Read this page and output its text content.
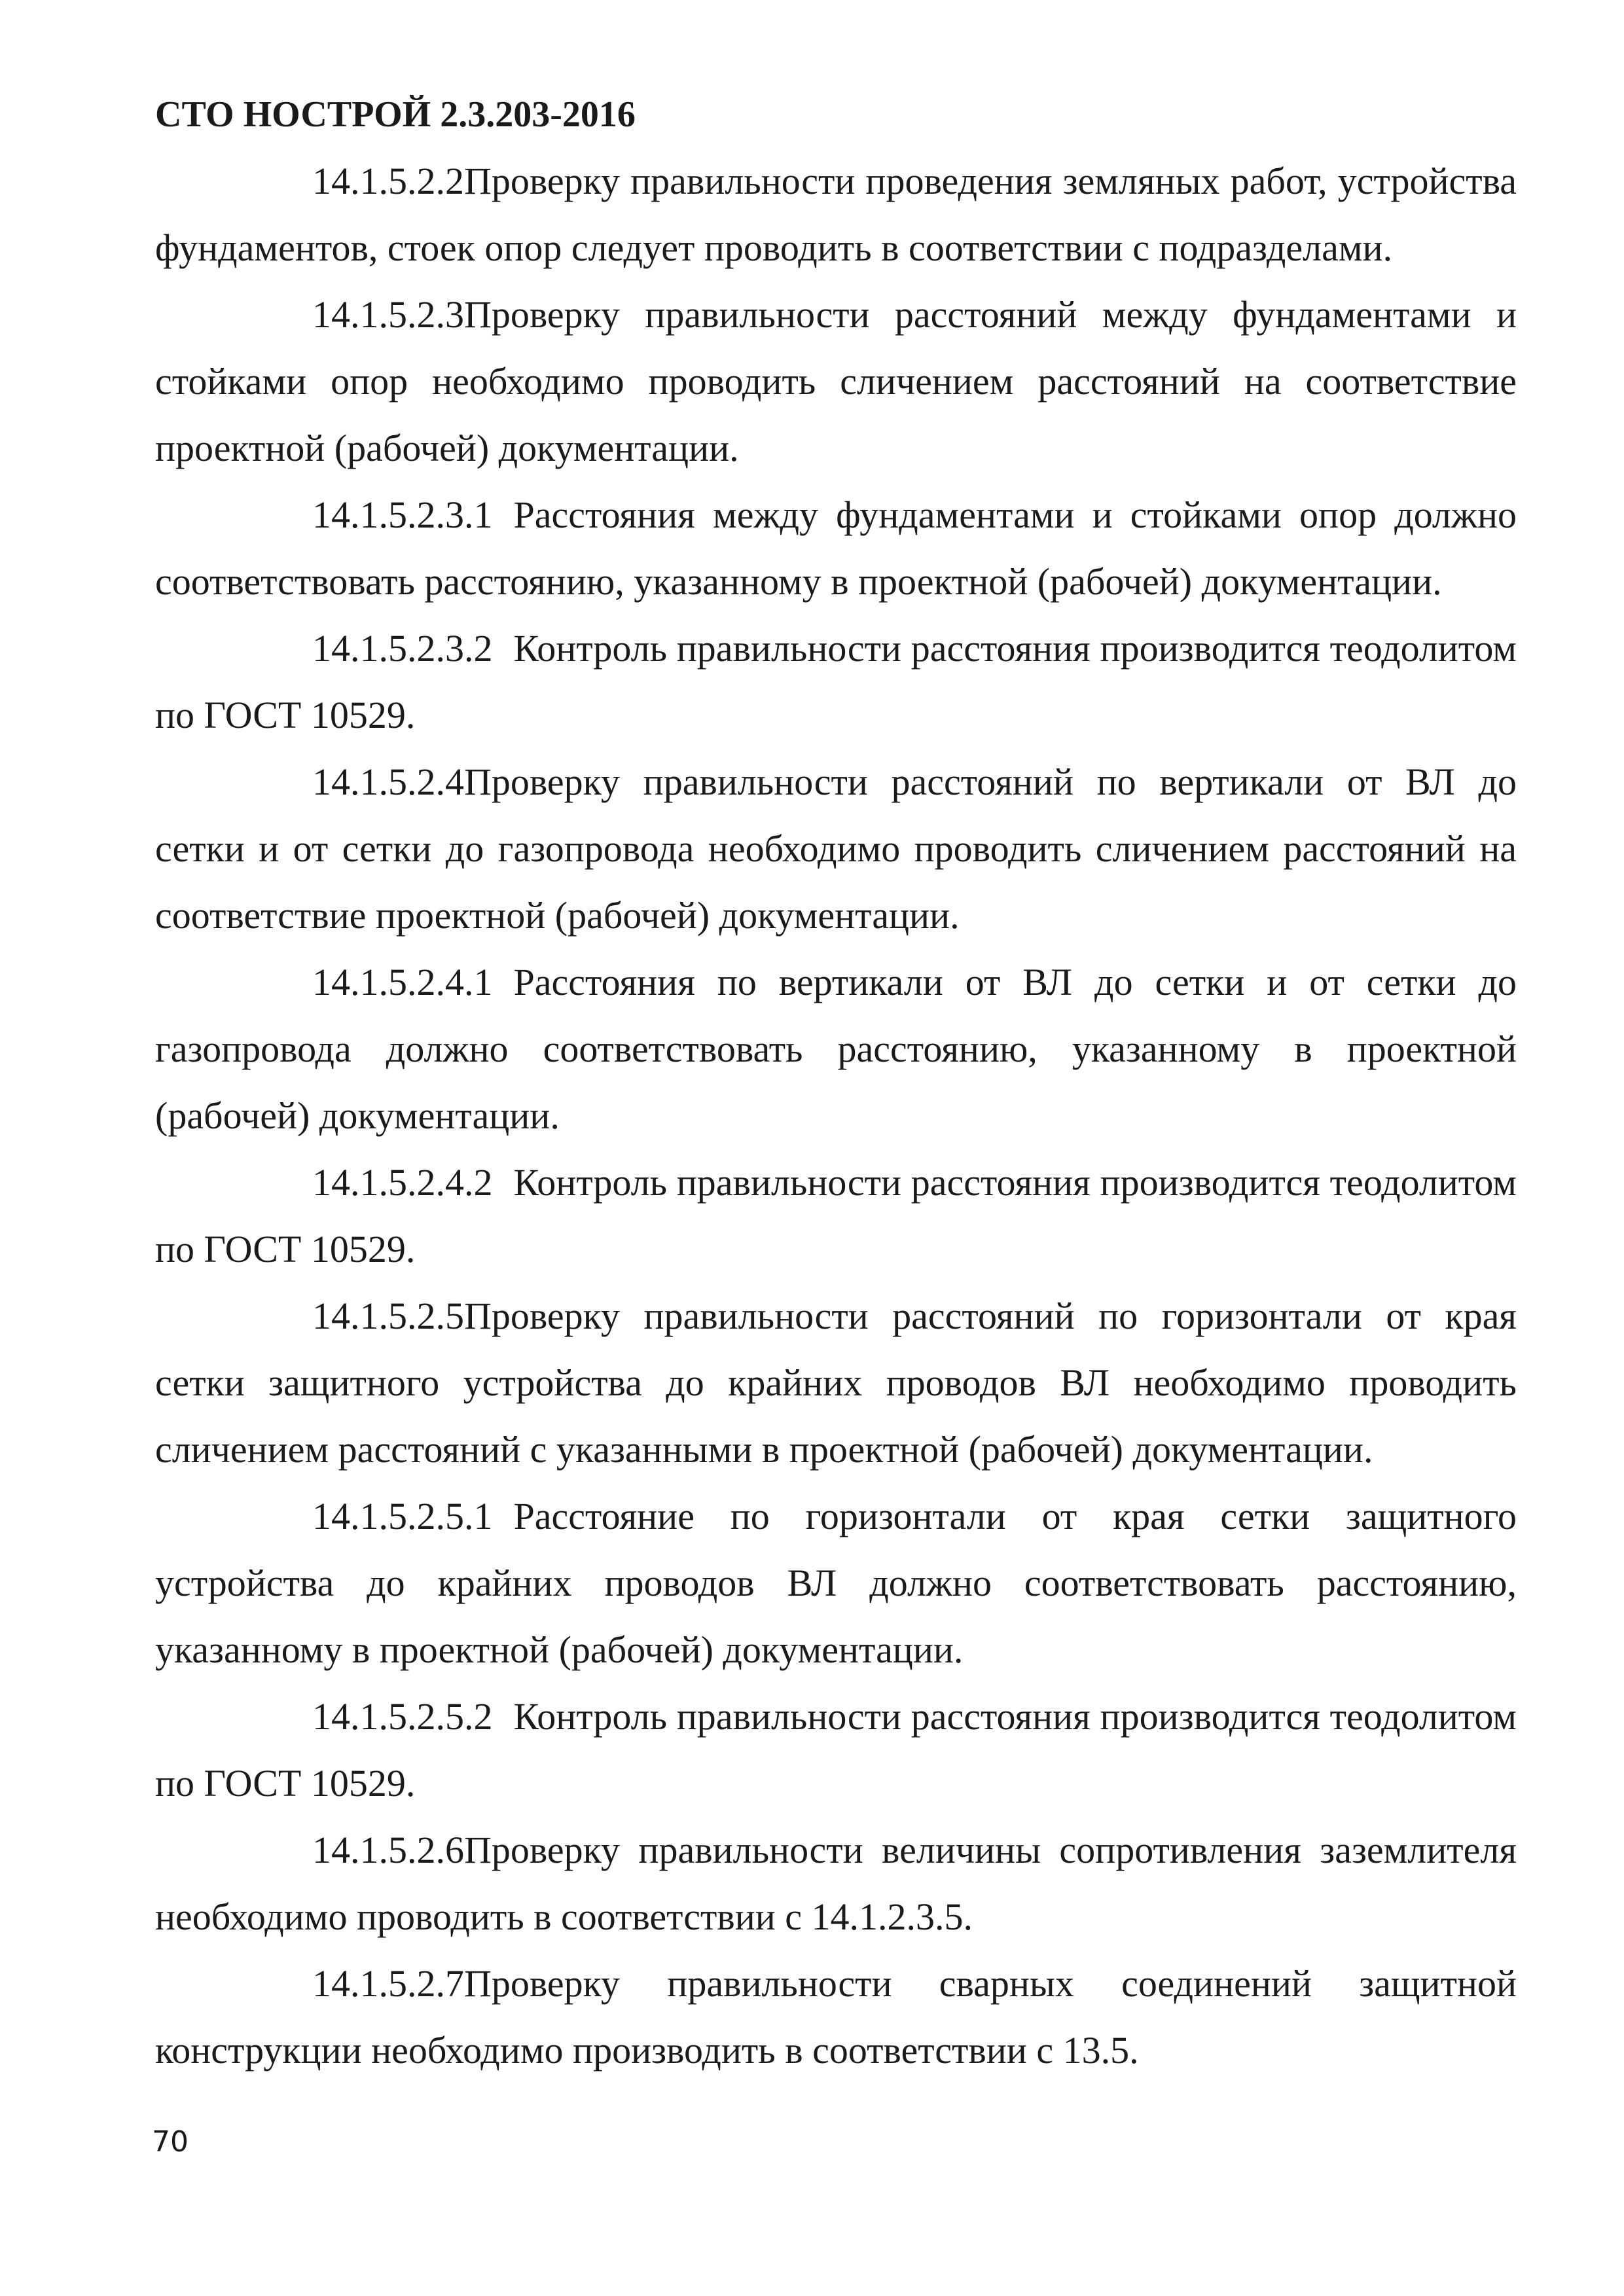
СТО НОСТРОЙ 2.3.203-2016

14.1.5.2.2Проверку правильности проведения земляных работ, устройства фундаментов, стоек опор следует проводить в соответствии с подразделами.

14.1.5.2.3Проверку правильности расстояний между фундаментами и стойками опор необходимо проводить сличением расстояний на соответствие проектной (рабочей) документации.

14.1.5.2.3.1 Расстояния между фундаментами и стойками опор должно соответствовать расстоянию, указанному в проектной (рабочей) документации.

14.1.5.2.3.2 Контроль правильности расстояния производится теодолитом по ГОСТ 10529.

14.1.5.2.4Проверку правильности расстояний по вертикали от ВЛ до сетки и от сетки до газопровода необходимо проводить сличением расстояний на соответствие проектной (рабочей) документации.

14.1.5.2.4.1 Расстояния по вертикали от ВЛ до сетки и от сетки до газопровода должно соответствовать расстоянию, указанному в проектной (рабочей) документации.

14.1.5.2.4.2 Контроль правильности расстояния производится теодолитом по ГОСТ 10529.

14.1.5.2.5Проверку правильности расстояний по горизонтали от края сетки защитного устройства до крайних проводов ВЛ необходимо проводить сличением расстояний с указанными в проектной (рабочей) документации.

14.1.5.2.5.1 Расстояние по горизонтали от края сетки защитного устройства до крайних проводов ВЛ должно соответствовать расстоянию, указанному в проектной (рабочей) документации.

14.1.5.2.5.2 Контроль правильности расстояния производится теодолитом по ГОСТ 10529.

14.1.5.2.6Проверку правильности величины сопротивления заземлителя необходимо проводить в соответствии с 14.1.2.3.5.

14.1.5.2.7Проверку правильности сварных соединений защитной конструкции необходимо производить в соответствии с 13.5.

70
